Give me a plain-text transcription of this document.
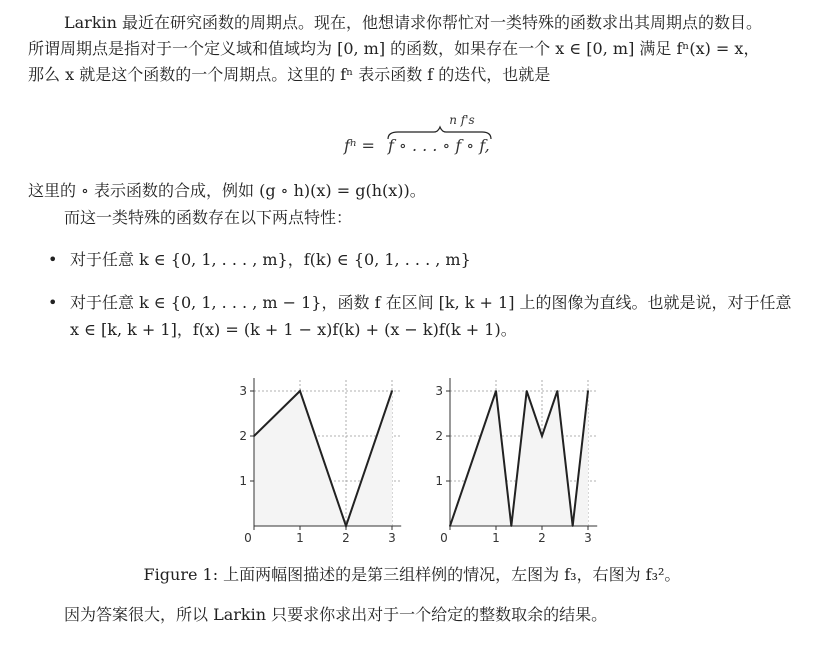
Larkin 最近在研究函数的周期点。现在，他想请求你帮忙对一类特殊的函数求出其周期点的数目。
所谓周期点是指对于一个定义域和值域均为 [0, m] 的函数，如果存在一个 x ∈ [0, m] 满足 fⁿ(x) = x，
那么 x 就是这个函数的一个周期点。这里的 fⁿ 表示函数 f 的迭代，也就是
n f's
fⁿ = f ∘ . . . ∘ f ∘ f,
这里的 ∘ 表示函数的合成，例如 (g ∘ h)(x) = g(h(x))。
而这一类特殊的函数存在以下两点特性：
• 对于任意 k ∈ {0, 1, . . . , m}，f(k) ∈ {0, 1, . . . , m}
• 对于任意 k ∈ {0, 1, . . . , m − 1}，函数 f 在区间 [k, k + 1] 上的图像为直线。也就是说，对于任意
x ∈ [k, k + 1]，f(x) = (k + 1 − x)f(k) + (x − k)f(k + 1)。
0	1	2	3
1
2
3
0	1	2	3
1
2
3
Figure 1: 上面两幅图描述的是第三组样例的情况，左图为 f₃，右图为 f₃²。
因为答案很大，所以 Larkin 只要求你求出对于一个给定的整数取余的结果。
